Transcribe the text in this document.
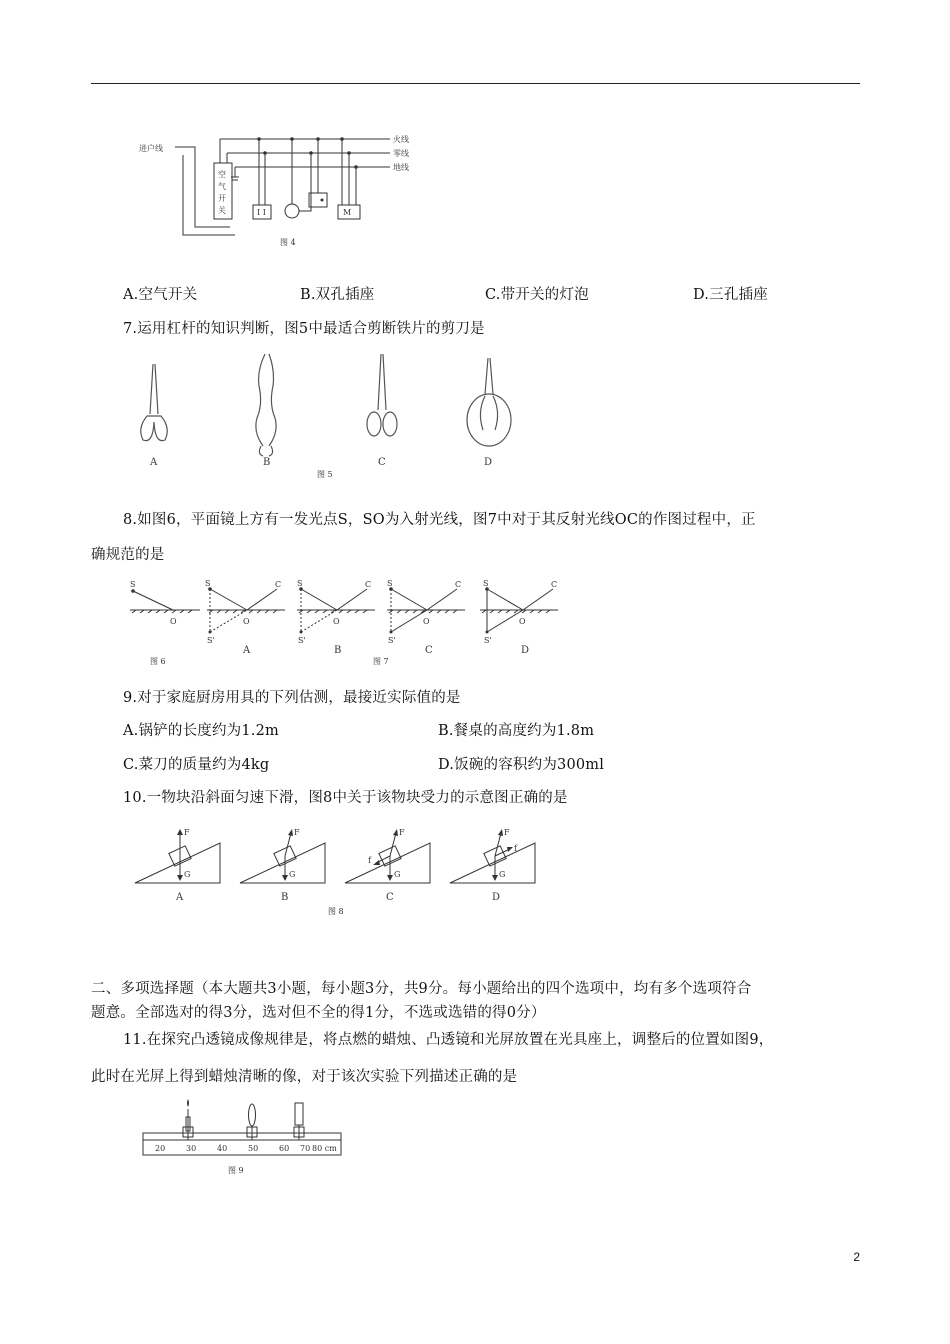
进户线
火线
零线
地线
空
气
开
关	I I	M
图 4
A.空气开关	B.双孔插座	C.带开关的灯泡	D.三孔插座
7.运用杠杆的知识判断，图5中最适合剪断铁片的剪刀是
A	B	C	D
图 5
8.如图6，平面镜上方有一发光点S，SO为入射光线，图7中对于其反射光线OC的作图过程中，正
确规范的是
S
O
S	C
O
S'
S	C
O
S'
S	C
O
S'
S	C
O
S'
A	B	C	D
图 6	图 7
9.对于家庭厨房用具的下列估测，最接近实际值的是
A.锅铲的长度约为1.2m	B.餐桌的高度约为1.8m
C.菜刀的质量约为4kg	D.饭碗的容积约为300ml
10.一物块沿斜面匀速下滑，图8中关于该物块受力的示意图正确的是
F
G
F
G
F
G
f
F
G
f
A	B	C	D
图 8
二、多项选择题（本大题共3小题，每小题3分，共9分。每小题给出的四个选项中，均有多个选项符合
题意。全部选对的得3分，选对但不全的得1分，不选或选错的得0分）
11.在探究凸透镜成像规律是，将点燃的蜡烛、凸透镜和光屏放置在光具座上，调整后的位置如图9，
此时在光屏上得到蜡烛清晰的像，对于该次实验下列描述正确的是
20	30	40	50	60 70 80 cm
图 9
2
